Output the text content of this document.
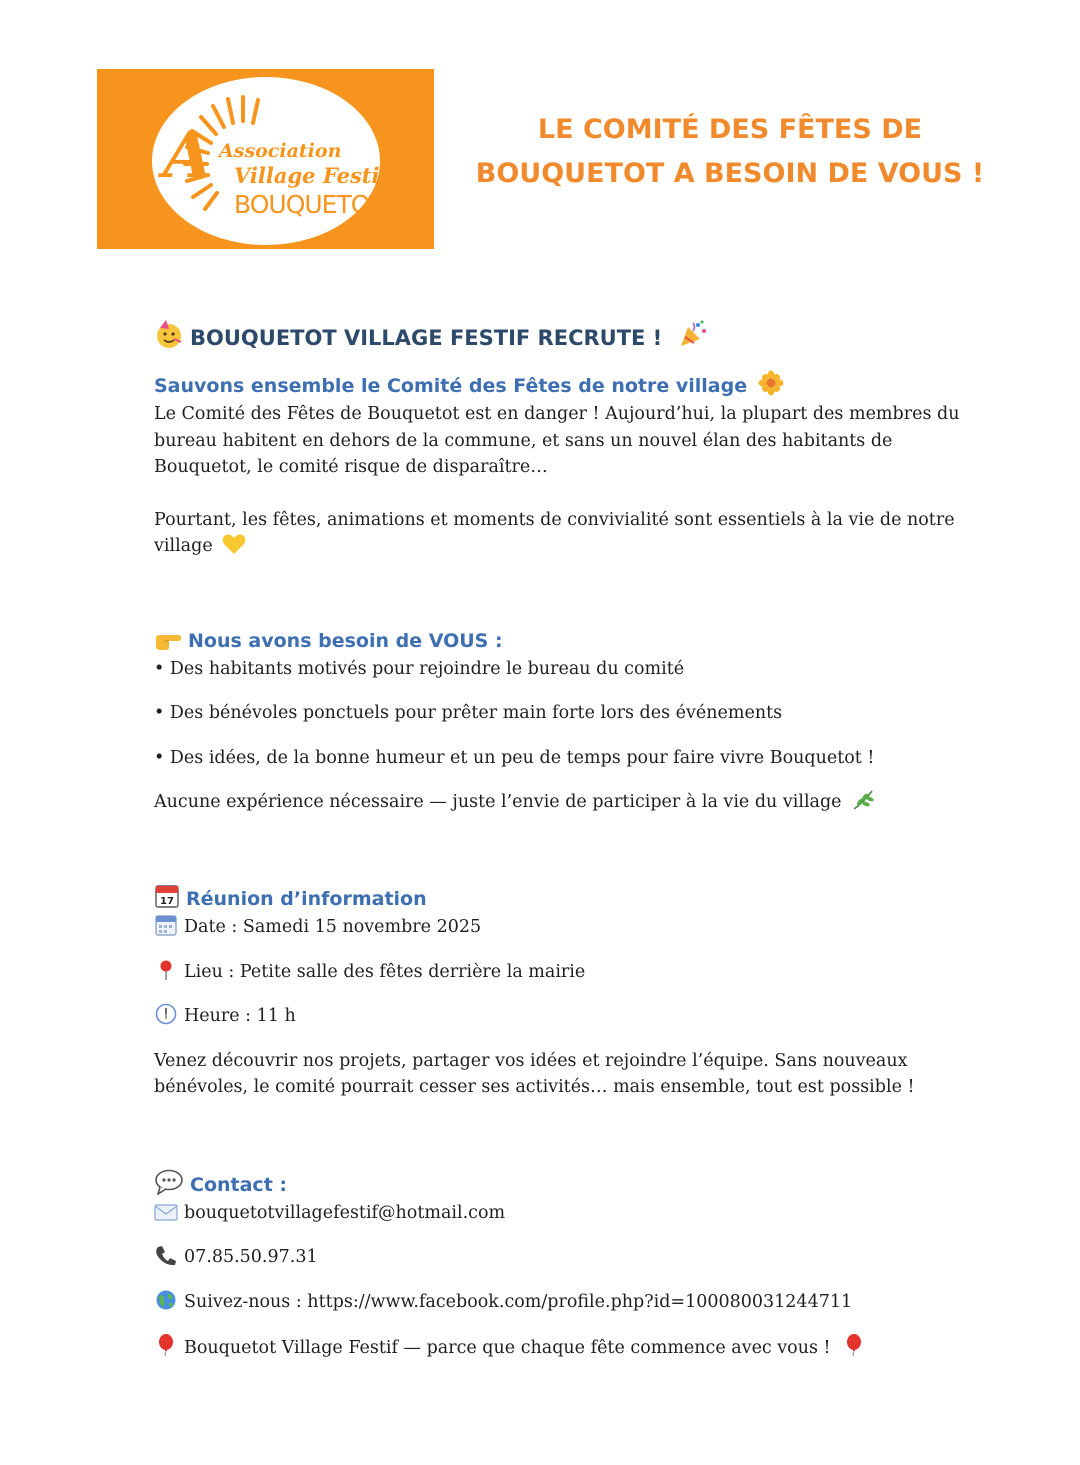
A Association
Village Festif
BOUQUETOT
LE COMITÉ DES FÊTES DE
BOUQUETOT A BESOIN DE VOUS !
BOUQUETOT VILLAGE FESTIF RECRUTE !
Sauvons ensemble le Comité des Fêtes de notre village

Le Comité des Fêtes de Bouquetot est en danger ! Aujourd’hui, la plupart des membres du bureau habitent en dehors de la commune, et sans un nouvel élan des habitants de Bouquetot, le comité risque de disparaître…

Pourtant, les fêtes, animations et moments de convivialité sont essentiels à la vie de notre village

Nous avons besoin de VOUS :
• Des habitants motivés pour rejoindre le bureau du comité
• Des bénévoles ponctuels pour prêter main forte lors des événements
• Des idées, de la bonne humeur et un peu de temps pour faire vivre Bouquetot !
Aucune expérience nécessaire — juste l’envie de participer à la vie du village
17 Réunion d’information
Date : Samedi 15 novembre 2025
Lieu : Petite salle des fêtes derrière la mairie
Heure : 11 h

Venez découvrir nos projets, partager vos idées et rejoindre l’équipe. Sans nouveaux bénévoles, le comité pourrait cesser ses activités… mais ensemble, tout est possible !

Contact :
bouquetotvillagefestif@hotmail.com
07.85.50.97.31
Suivez-nous : https://www.facebook.com/profile.php?id=100080031244711
Bouquetot Village Festif — parce que chaque fête commence avec vous !
